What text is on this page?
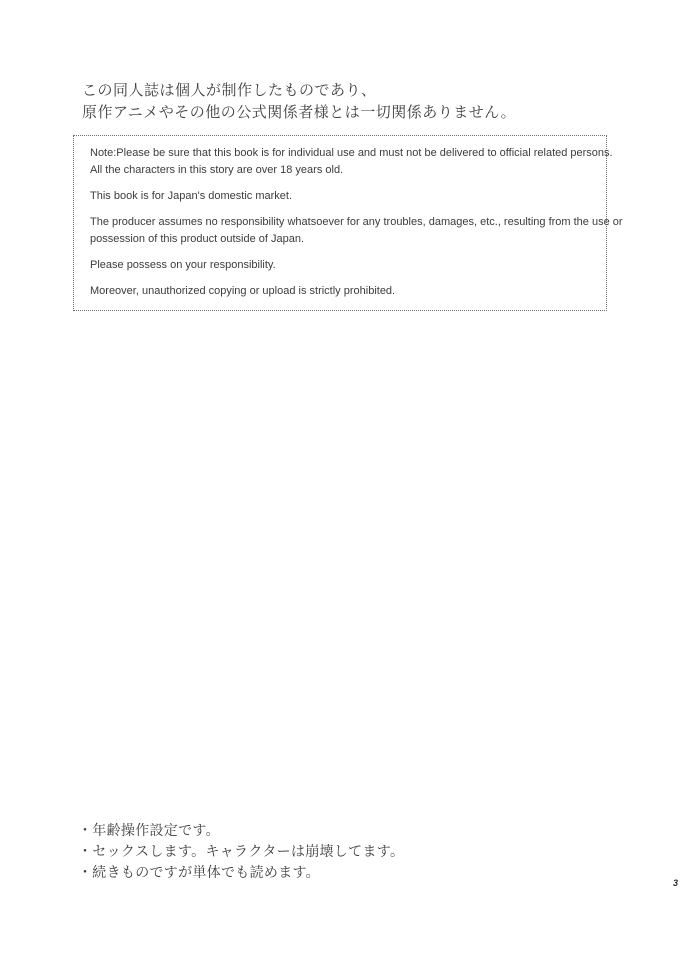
この同人誌は個人が制作したものであり、
原作アニメやその他の公式関係者様とは一切関係ありません。
Note:Please be sure that this book is for individual use and must not be delivered to official related persons.
All the characters in this story are over 18 years old.
This book is for Japan's domestic market.
The producer assumes no responsibility whatsoever for any troubles, damages, etc., resulting from the use or
possession of this product outside of Japan.
Please possess on your responsibility.
Moreover, unauthorized copying or upload is strictly prohibited.
・年齢操作設定です。
・セックスします。キャラクターは崩壊してます。
・続きものですが単体でも読めます。
3
